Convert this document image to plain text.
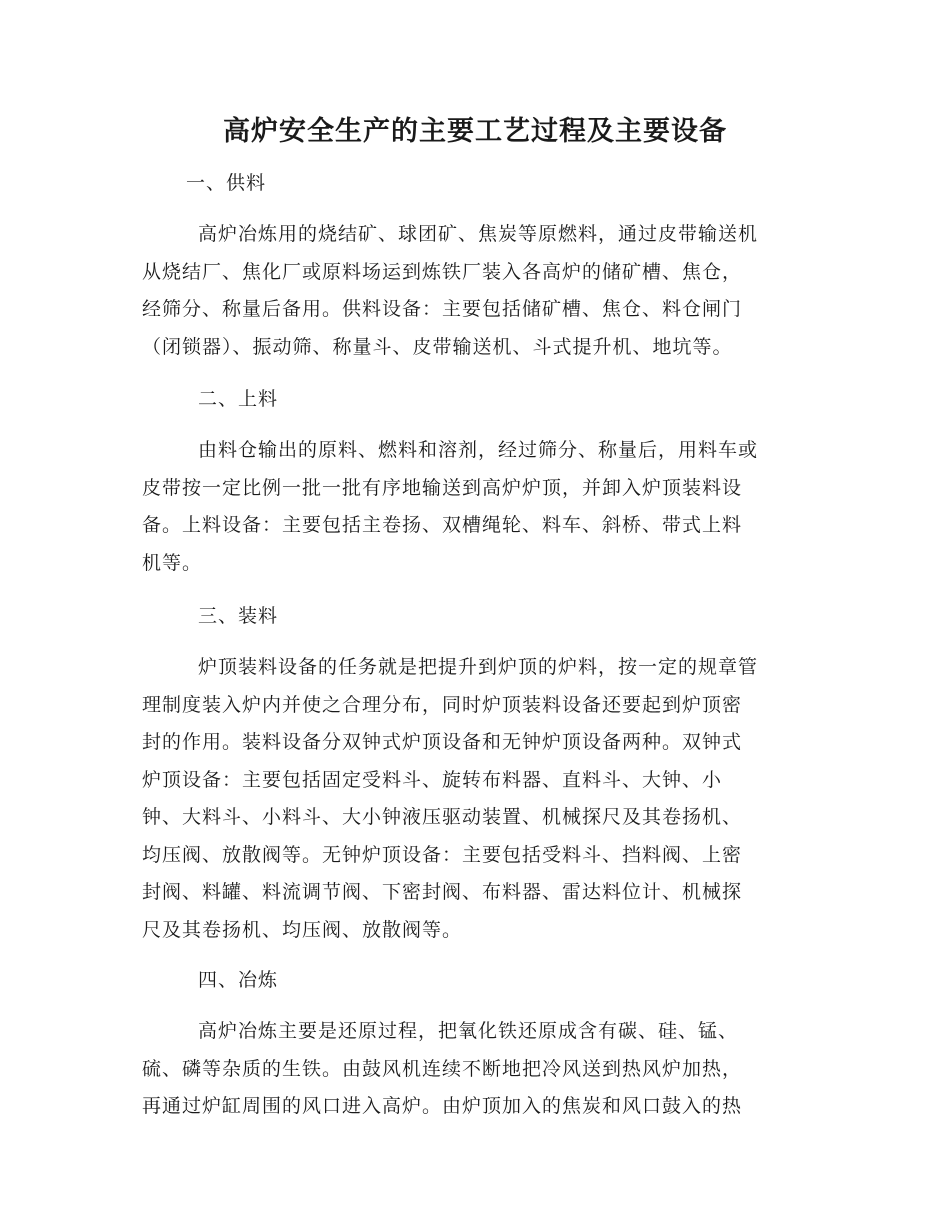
高炉安全生产的主要工艺过程及主要设备

一、供料

高炉冶炼用的烧结矿、球团矿、焦炭等原燃料，通过皮带输送机
从烧结厂、焦化厂或原料场运到炼铁厂装入各高炉的储矿槽、焦仓，
经筛分、称量后备用。供料设备：主要包括储矿槽、焦仓、料仓闸门
（闭锁器）、振动筛、称量斗、皮带输送机、斗式提升机、地坑等。

二、上料

由料仓输出的原料、燃料和溶剂，经过筛分、称量后，用料车或
皮带按一定比例一批一批有序地输送到高炉炉顶，并卸入炉顶装料设
备。上料设备：主要包括主卷扬、双槽绳轮、料车、斜桥、带式上料
机等。

三、装料

炉顶装料设备的任务就是把提升到炉顶的炉料，按一定的规章管
理制度装入炉内并使之合理分布，同时炉顶装料设备还要起到炉顶密
封的作用。装料设备分双钟式炉顶设备和无钟炉顶设备两种。双钟式
炉顶设备：主要包括固定受料斗、旋转布料器、直料斗、大钟、小
钟、大料斗、小料斗、大小钟液压驱动装置、机械探尺及其卷扬机、
均压阀、放散阀等。无钟炉顶设备：主要包括受料斗、挡料阀、上密
封阀、料罐、料流调节阀、下密封阀、布料器、雷达料位计、机械探
尺及其卷扬机、均压阀、放散阀等。

四、冶炼

高炉冶炼主要是还原过程，把氧化铁还原成含有碳、硅、锰、
硫、磷等杂质的生铁。由鼓风机连续不断地把冷风送到热风炉加热，
再通过炉缸周围的风口进入高炉。由炉顶加入的焦炭和风口鼓入的热
